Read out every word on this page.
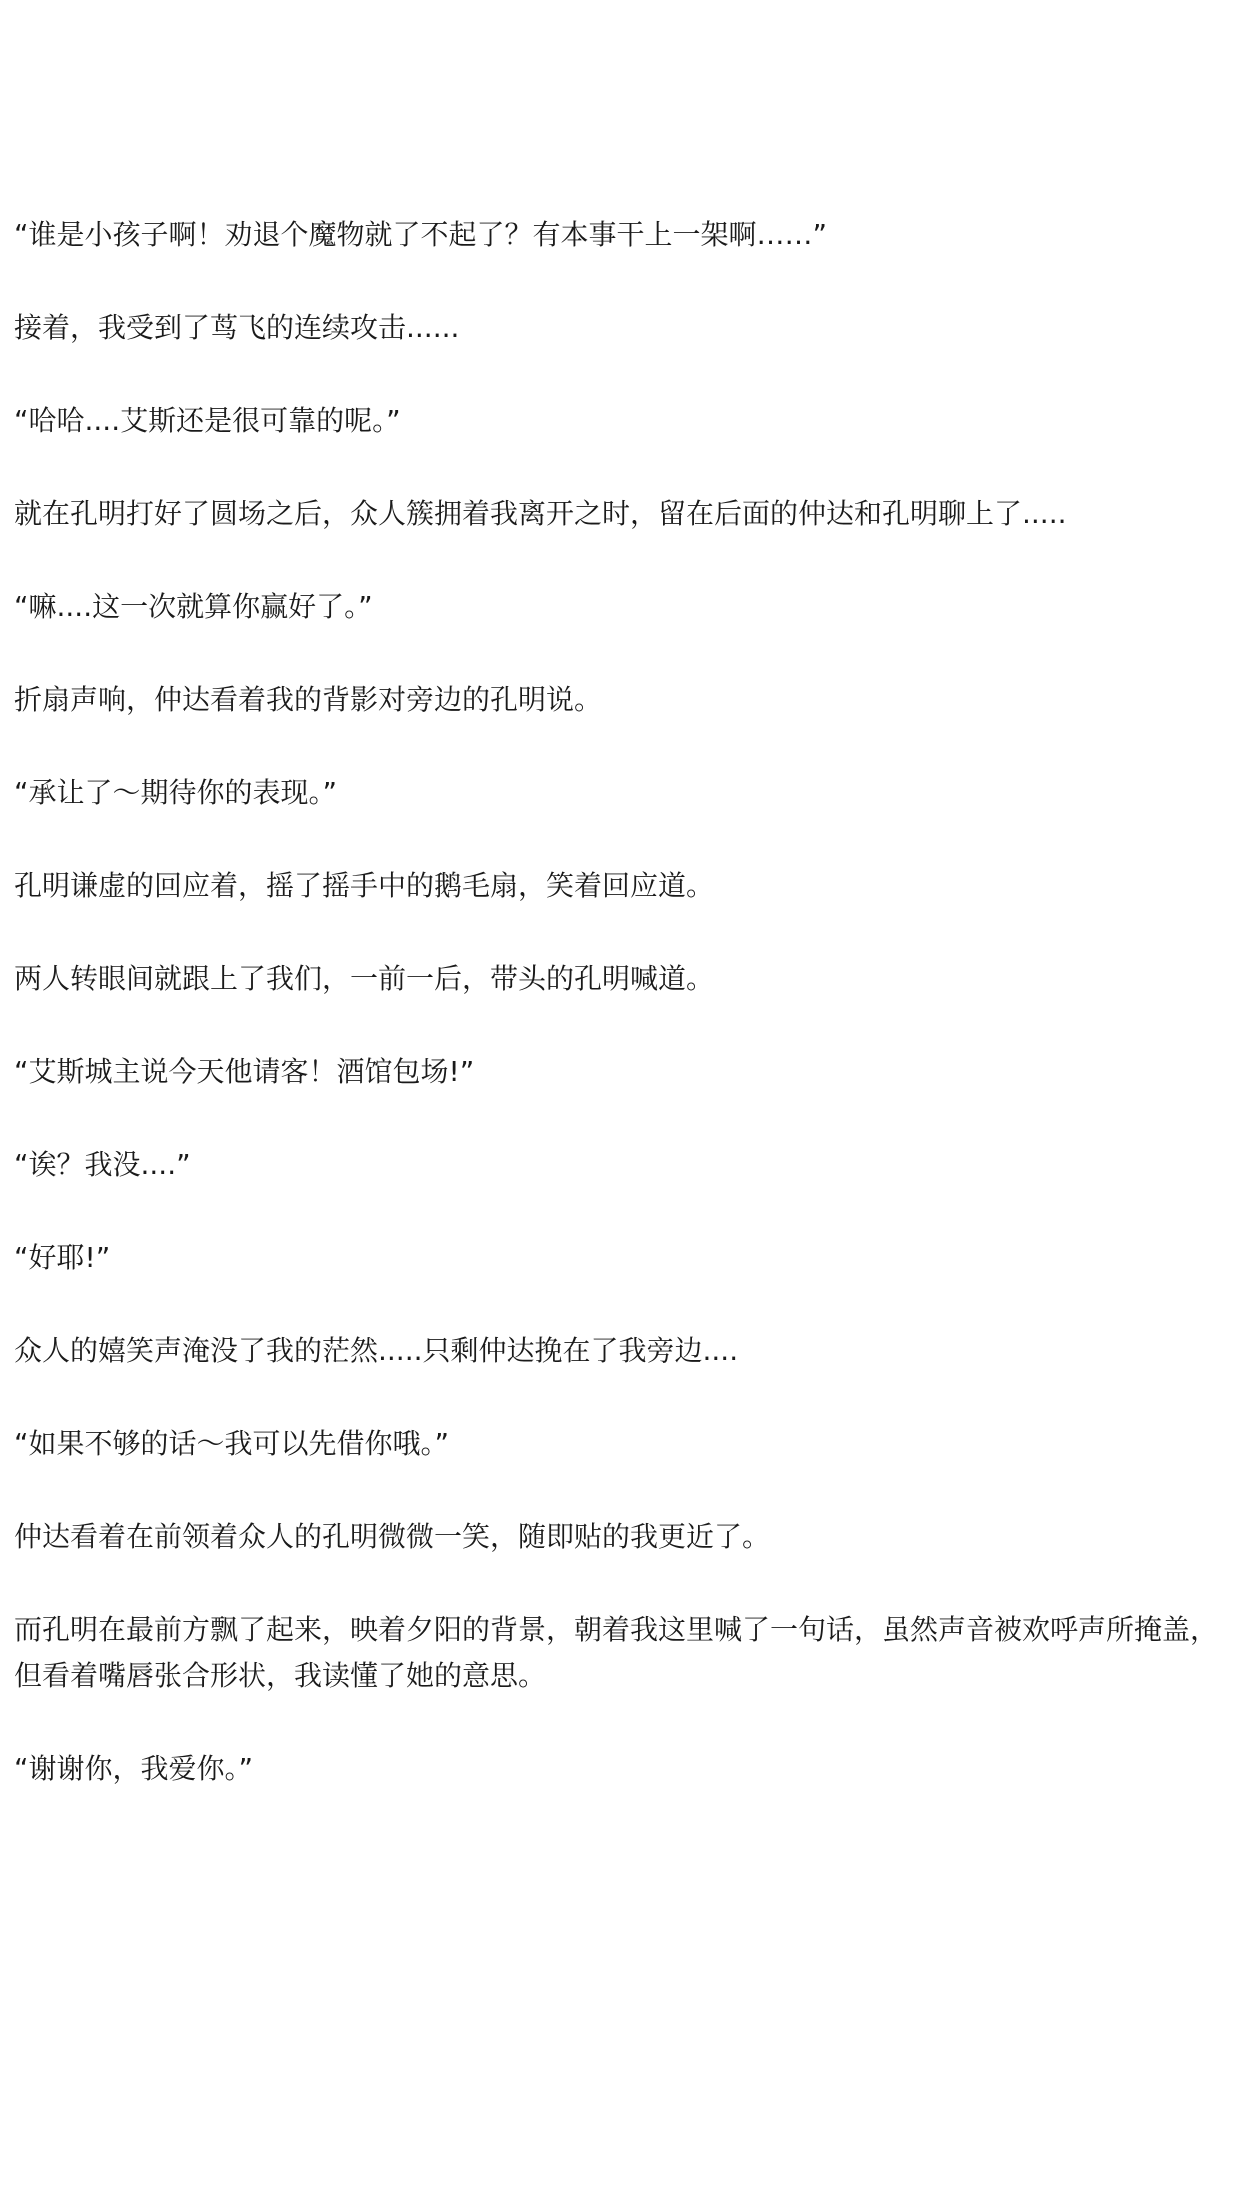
“谁是小孩子啊！劝退个魔物就了不起了？有本事干上一架啊……”

接着，我受到了茑飞的连续攻击......

“哈哈....艾斯还是很可靠的呢。”

就在孔明打好了圆场之后，众人簇拥着我离开之时，留在后面的仲达和孔明聊上了.....

“嘛....这一次就算你赢好了。”

折扇声响，仲达看着我的背影对旁边的孔明说。

“承让了～期待你的表现。”

孔明谦虚的回应着，摇了摇手中的鹅毛扇，笑着回应道。

两人转眼间就跟上了我们，一前一后，带头的孔明喊道。

“艾斯城主说今天他请客！酒馆包场!”

“诶？我没....”

“好耶!”

众人的嬉笑声淹没了我的茫然.....只剩仲达挽在了我旁边....

“如果不够的话～我可以先借你哦。”

仲达看着在前领着众人的孔明微微一笑，随即贴的我更近了。

而孔明在最前方飘了起来，映着夕阳的背景，朝着我这里喊了一句话，虽然声音被欢呼声所掩盖，但看着嘴唇张合形状，我读懂了她的意思。

“谢谢你，我爱你。”
